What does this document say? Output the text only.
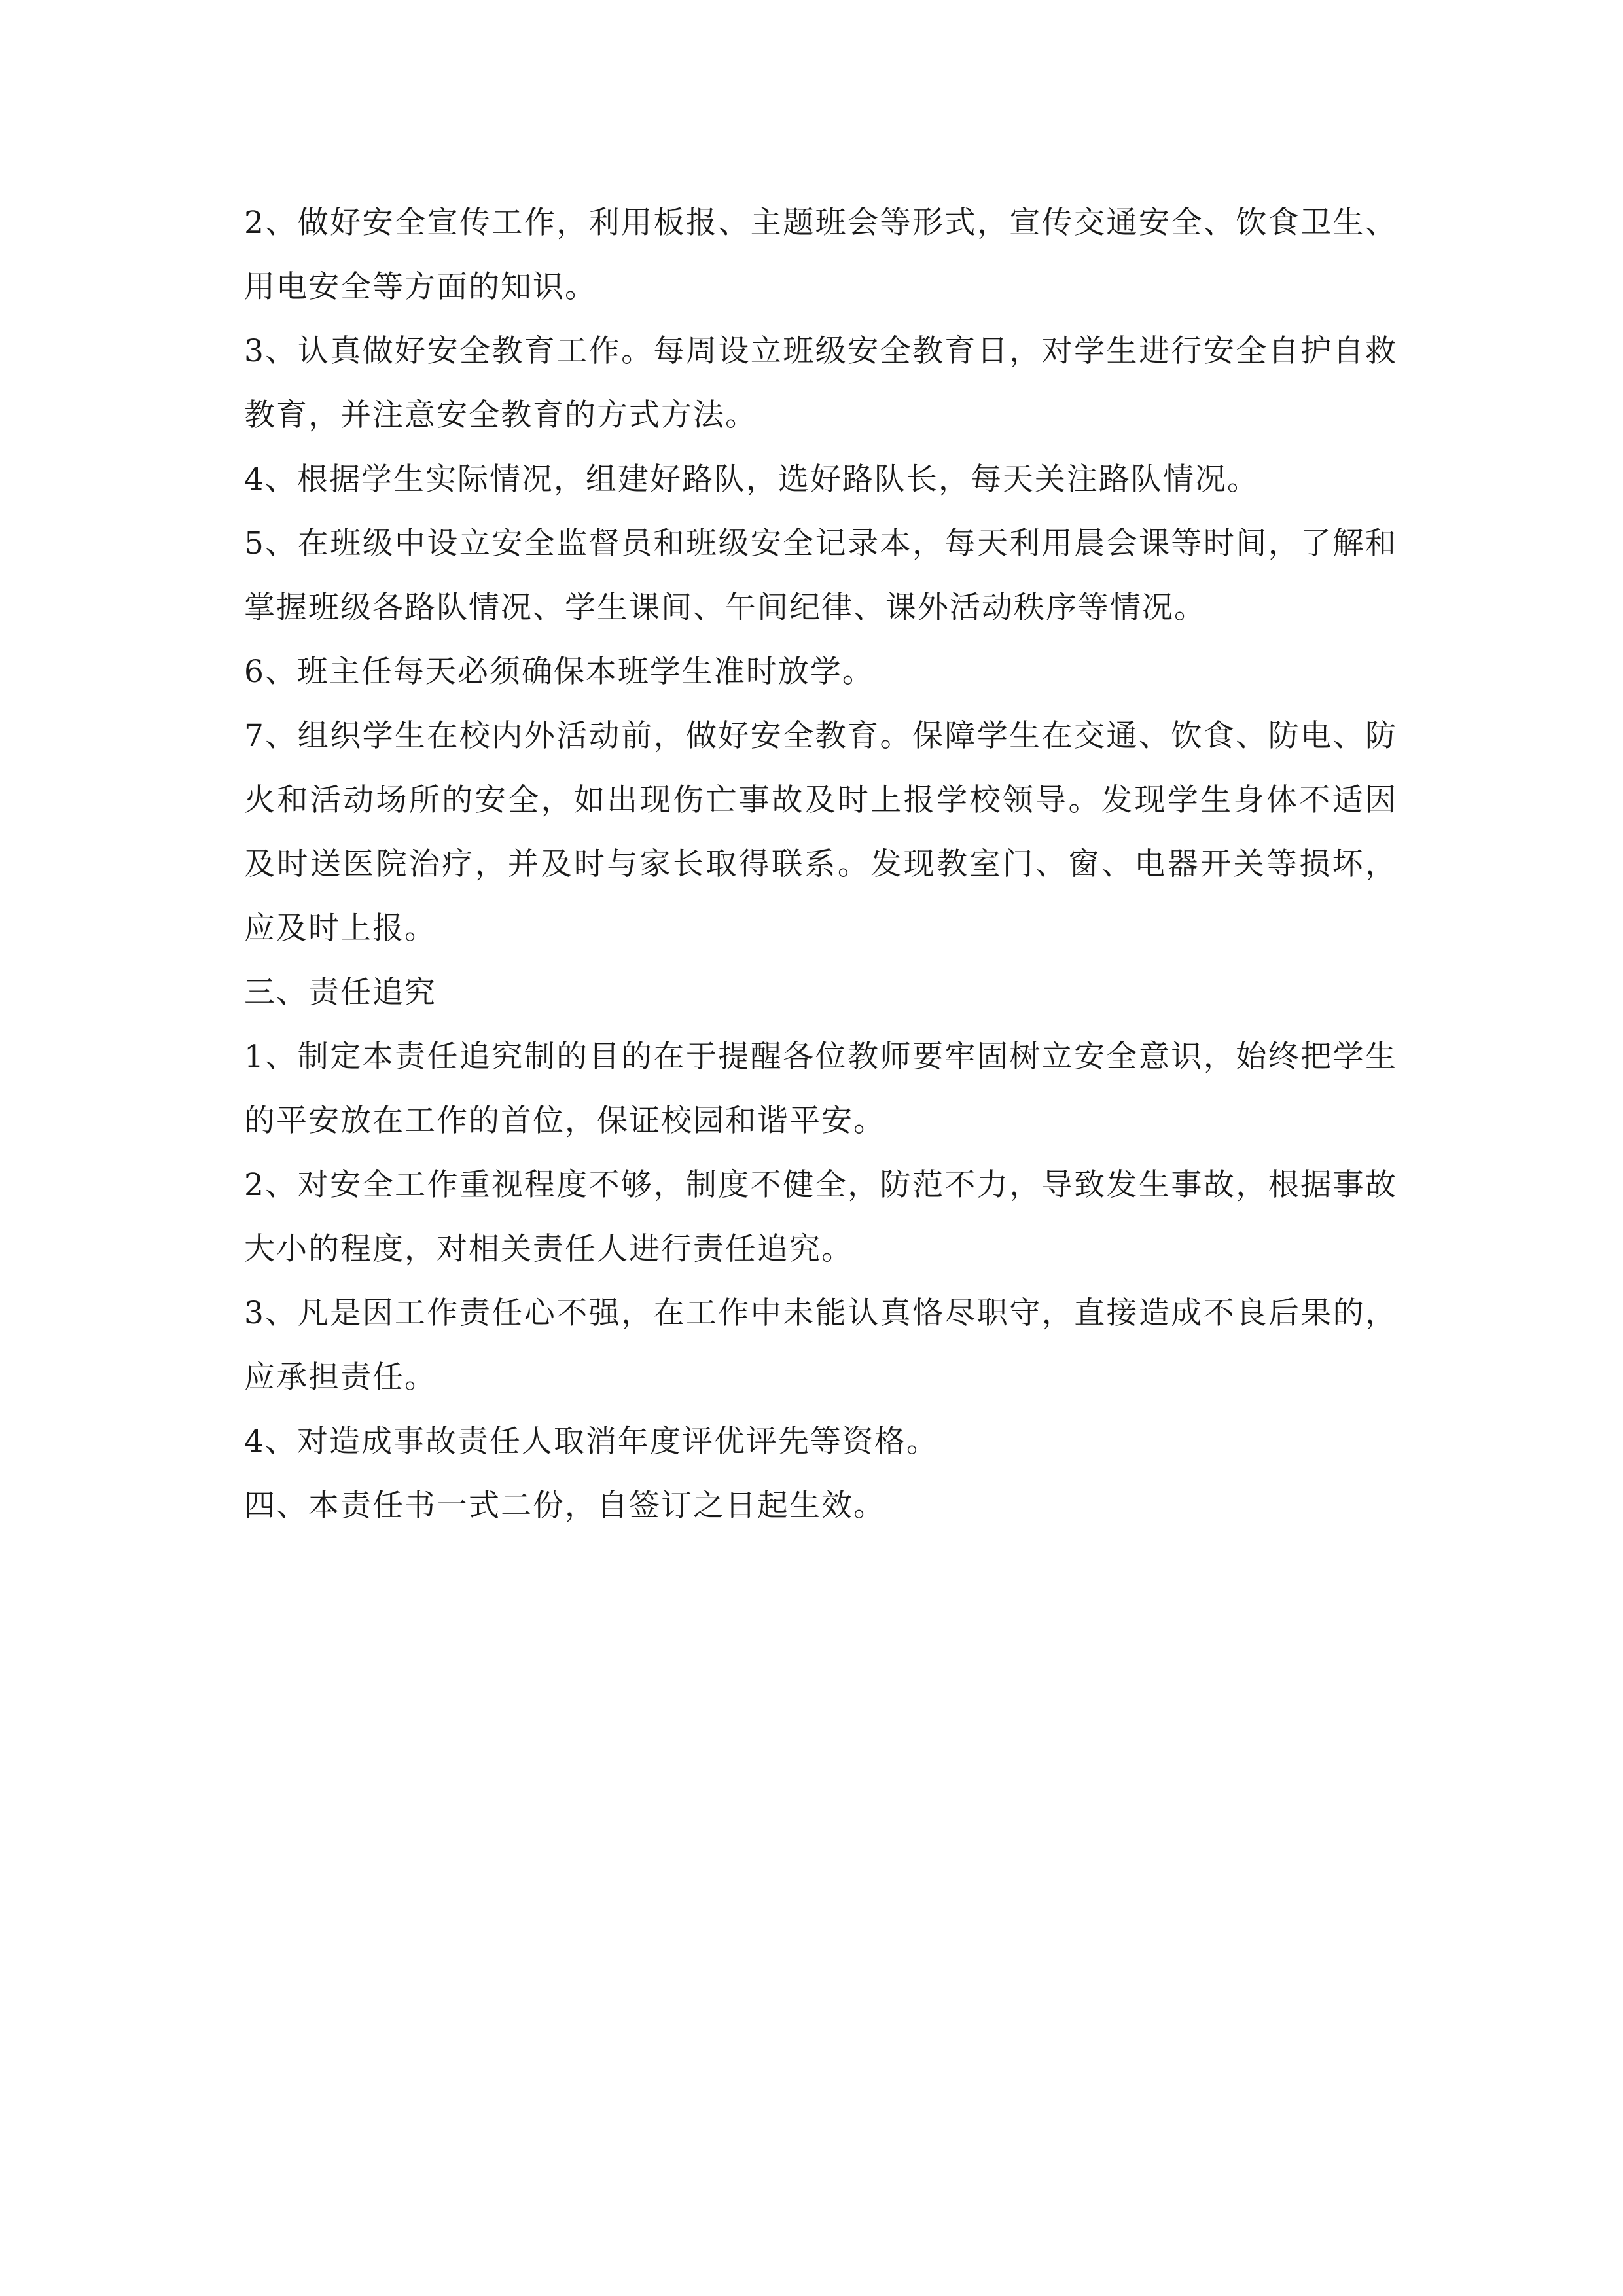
2、做好安全宣传工作，利用板报、主题班会等形式，宣传交通安全、饮食卫生、用电安全等方面的知识。

3、认真做好安全教育工作。每周设立班级安全教育日，对学生进行安全自护自救教育，并注意安全教育的方式方法。

4、根据学生实际情况，组建好路队，选好路队长，每天关注路队情况。

5、在班级中设立安全监督员和班级安全记录本，每天利用晨会课等时间，了解和掌握班级各路队情况、学生课间、午间纪律、课外活动秩序等情况。

6、班主任每天必须确保本班学生准时放学。

7、组织学生在校内外活动前，做好安全教育。保障学生在交通、饮食、防电、防火和活动场所的安全，如出现伤亡事故及时上报学校领导。发现学生身体不适因及时送医院治疗，并及时与家长取得联系。发现教室门、窗、电器开关等损坏，应及时上报。

三、责任追究

1、制定本责任追究制的目的在于提醒各位教师要牢固树立安全意识，始终把学生的平安放在工作的首位，保证校园和谐平安。

2、对安全工作重视程度不够，制度不健全，防范不力，导致发生事故，根据事故大小的程度，对相关责任人进行责任追究。

3、凡是因工作责任心不强，在工作中未能认真恪尽职守，直接造成不良后果的，应承担责任。

4、对造成事故责任人取消年度评优评先等资格。

四、本责任书一式二份，自签订之日起生效。
